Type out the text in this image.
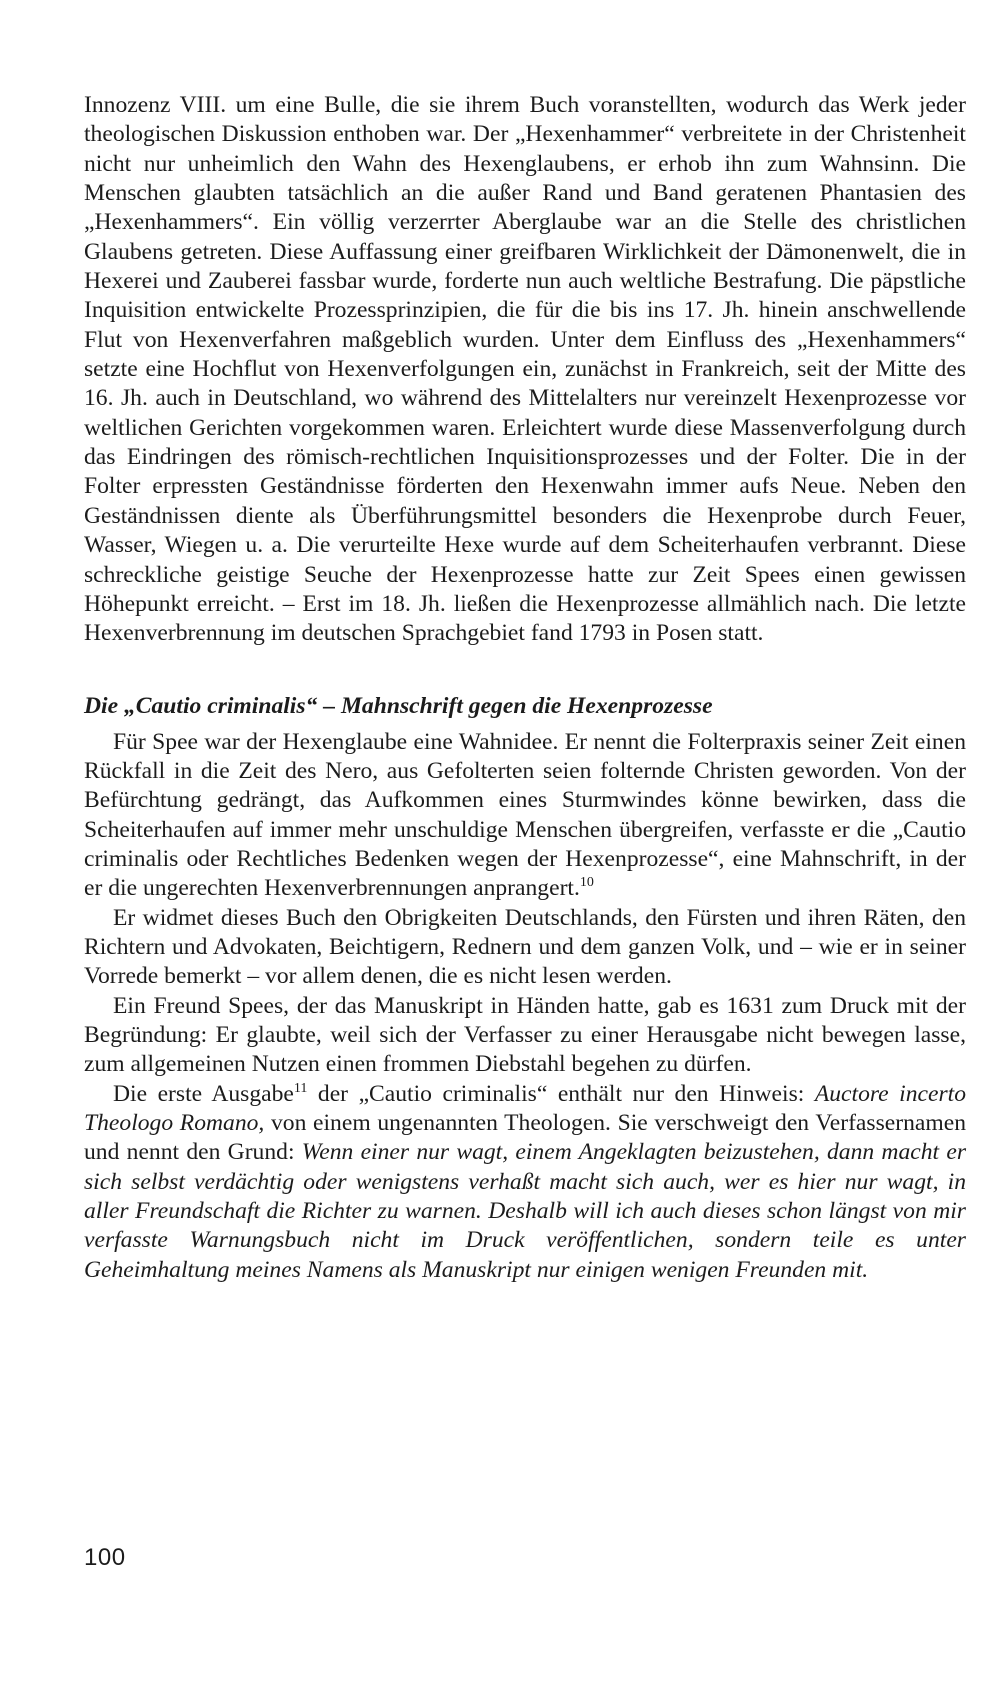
Innozenz VIII. um eine Bulle, die sie ihrem Buch voranstellten, wodurch das Werk jeder theologischen Diskussion enthoben war. Der „Hexenhammer“ verbreitete in der Christenheit nicht nur unheimlich den Wahn des Hexenglaubens, er erhob ihn zum Wahnsinn. Die Menschen glaubten tatsächlich an die außer Rand und Band geratenen Phantasien des „Hexenhammers“. Ein völlig verzerrter Aberglaube war an die Stelle des christlichen Glaubens getreten. Diese Auffassung einer greifbaren Wirklichkeit der Dämonenwelt, die in Hexerei und Zauberei fassbar wurde, forderte nun auch weltliche Bestrafung. Die päpstliche Inquisition entwickelte Prozessprinzipien, die für die bis ins 17. Jh. hinein anschwellende Flut von Hexenverfahren maßgeblich wurden. Unter dem Einfluss des „Hexenhammers“ setzte eine Hochflut von Hexenverfolgungen ein, zunächst in Frankreich, seit der Mitte des 16. Jh. auch in Deutschland, wo während des Mittelalters nur vereinzelt Hexenprozesse vor weltlichen Gerichten vorgekommen waren. Erleichtert wurde diese Massenverfolgung durch das Eindringen des römisch-rechtlichen Inquisitionsprozesses und der Folter. Die in der Folter erpressten Geständnisse förderten den Hexenwahn immer aufs Neue. Neben den Geständnissen diente als Überführungsmittel besonders die Hexenprobe durch Feuer, Wasser, Wiegen u. a. Die verurteilte Hexe wurde auf dem Scheiterhaufen verbrannt. Diese schreckliche geistige Seuche der Hexenprozesse hatte zur Zeit Spees einen gewissen Höhepunkt erreicht. – Erst im 18. Jh. ließen die Hexenprozesse allmählich nach. Die letzte Hexenverbrennung im deutschen Sprachgebiet fand 1793 in Posen statt.

Die „Cautio criminalis“ – Mahnschrift gegen die Hexenprozesse

Für Spee war der Hexenglaube eine Wahnidee. Er nennt die Folterpraxis seiner Zeit einen Rückfall in die Zeit des Nero, aus Gefolterten seien folternde Christen geworden. Von der Befürchtung gedrängt, das Aufkommen eines Sturmwindes könne bewirken, dass die Scheiterhaufen auf immer mehr unschuldige Menschen übergreifen, verfasste er die „Cautio criminalis oder Rechtliches Bedenken wegen der Hexenprozesse“, eine Mahnschrift, in der er die ungerechten Hexenverbrennungen anprangert.$^{10}$

Er widmet dieses Buch den Obrigkeiten Deutschlands, den Fürsten und ihren Räten, den Richtern und Advokaten, Beichtigern, Rednern und dem ganzen Volk, und – wie er in seiner Vorrede bemerkt – vor allem denen, die es nicht lesen werden.

Ein Freund Spees, der das Manuskript in Händen hatte, gab es 1631 zum Druck mit der Begründung: Er glaubte, weil sich der Verfasser zu einer Herausgabe nicht bewegen lasse, zum allgemeinen Nutzen einen frommen Diebstahl begehen zu dürfen.

Die erste Ausgabe$^{11}$ der „Cautio criminalis“ enthält nur den Hinweis: Auctore incerto Theologo Romano, von einem ungenannten Theologen. Sie verschweigt den Verfassernamen und nennt den Grund: Wenn einer nur wagt, einem Angeklagten beizustehen, dann macht er sich selbst verdächtig oder wenigstens verhaßt macht sich auch, wer es hier nur wagt, in aller Freundschaft die Richter zu warnen. Deshalb will ich auch dieses schon längst von mir verfasste Warnungsbuch nicht im Druck veröffentlichen, sondern teile es unter Geheimhaltung meines Namens als Manuskript nur einigen wenigen Freunden mit.

100
